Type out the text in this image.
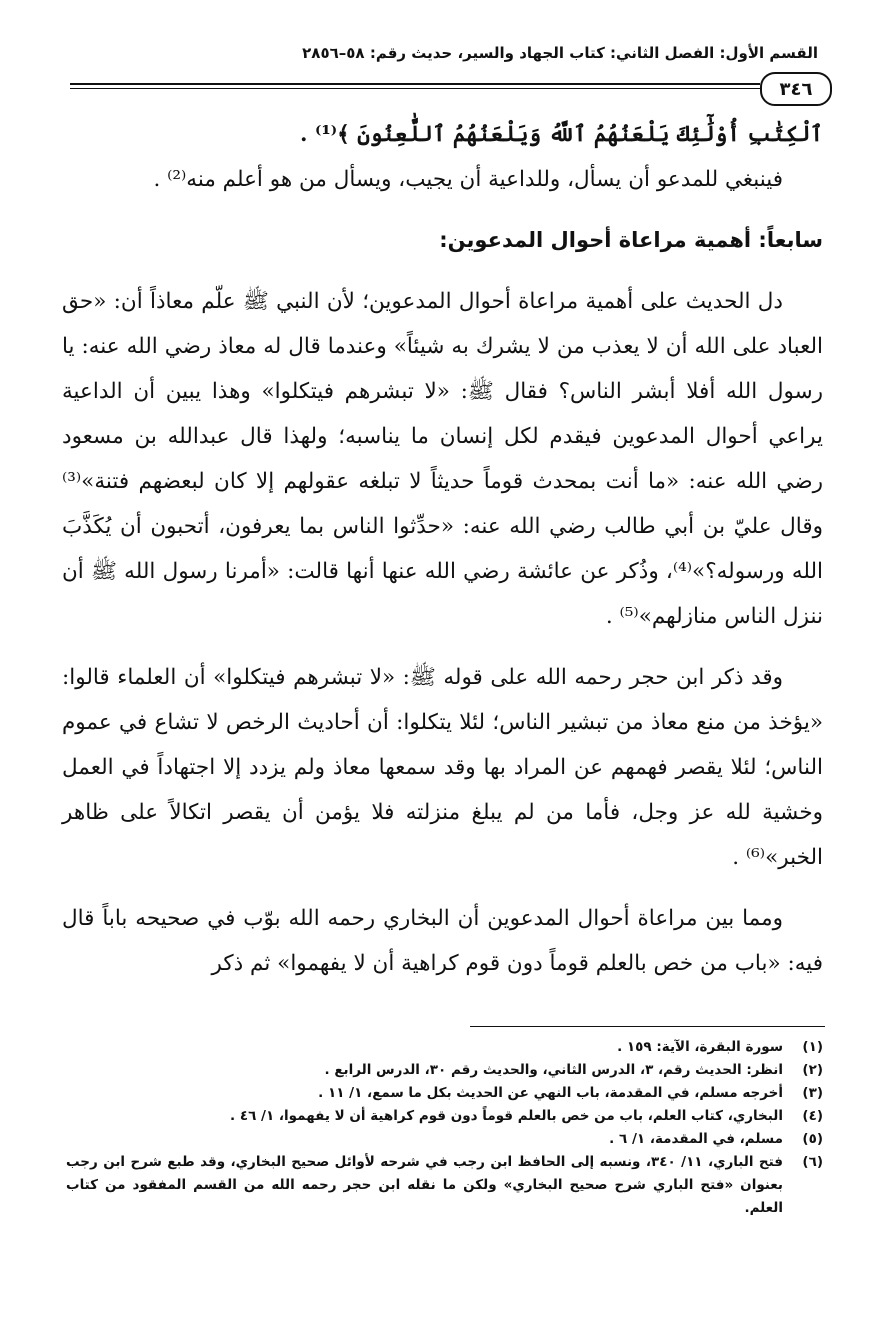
القسم الأول: الفصل الثاني: كتاب الجهاد والسير، حديث رقم: ٥٨–٢٨٥٦
٣٤٦

ٱلْكِتَٰبِ أُوْلَٰٓئِكَ يَلْعَنُهُمُ ٱللَّهُ وَيَلْعَنُهُمُ ٱللَّٰعِنُونَ ﴾⁽¹⁾ .

فينبغي للمدعو أن يسأل، وللداعية أن يجيب، ويسأل من هو أعلم منه⁽²⁾ .

سابعاً: أهمية مراعاة أحوال المدعوين:

دل الحديث على أهمية مراعاة أحوال المدعوين؛ لأن النبي ﷺ علّم معاذاً أن: «حق العباد على الله أن لا يعذب من لا يشرك به شيئاً» وعندما قال له معاذ رضي الله عنه: يا رسول الله أفلا أبشر الناس؟ فقال ﷺ: «لا تبشرهم فيتكلوا» وهذا يبين أن الداعية يراعي أحوال المدعوين فيقدم لكل إنسان ما يناسبه؛ ولهذا قال عبدالله بن مسعود رضي الله عنه: «ما أنت بمحدث قوماً حديثاً لا تبلغه عقولهم إلا كان لبعضهم فتنة»⁽³⁾ وقال عليّ بن أبي طالب رضي الله عنه: «حدِّثوا الناس بما يعرفون، أتحبون أن يُكَذَّبَ الله ورسوله؟»⁽⁴⁾، وذُكر عن عائشة رضي الله عنها أنها قالت: «أمرنا رسول الله ﷺ أن ننزل الناس منازلهم»⁽⁵⁾ .

وقد ذكر ابن حجر رحمه الله على قوله ﷺ: «لا تبشرهم فيتكلوا» أن العلماء قالوا: «يؤخذ من منع معاذ من تبشير الناس؛ لئلا يتكلوا: أن أحاديث الرخص لا تشاع في عموم الناس؛ لئلا يقصر فهمهم عن المراد بها وقد سمعها معاذ ولم يزدد إلا اجتهاداً في العمل وخشية لله عز وجل، فأما من لم يبلغ منزلته فلا يؤمن أن يقصر اتكالاً على ظاهر الخبر»⁽⁶⁾ .

ومما بين مراعاة أحوال المدعوين أن البخاري رحمه الله بوّب في صحيحه باباً قال فيه: «باب من خص بالعلم قوماً دون قوم كراهية أن لا يفهموا» ثم ذكر

(١)
سورة البقرة، الآية: ١٥٩ .
(٢)
انظر: الحديث رقم، ٣، الدرس الثاني، والحديث رقم ٣٠، الدرس الرابع .
(٣)
أخرجه مسلم، في المقدمة، باب النهي عن الحديث بكل ما سمع، ١/ ١١ .
(٤)
البخاري، كتاب العلم، باب من خص بالعلم قوماً دون قوم كراهية أن لا يفهموا، ١/ ٤٦ .
(٥)
مسلم، في المقدمة، ١/ ٦ .
(٦)
فتح الباري، ١١/ ٣٤٠، ونسبه إلى الحافظ ابن رجب في شرحه لأوائل صحيح البخاري، وقد طبع شرح ابن رجب بعنوان «فتح الباري شرح صحيح البخاري» ولكن ما نقله ابن حجر رحمه الله من القسم المفقود من كتاب العلم.
